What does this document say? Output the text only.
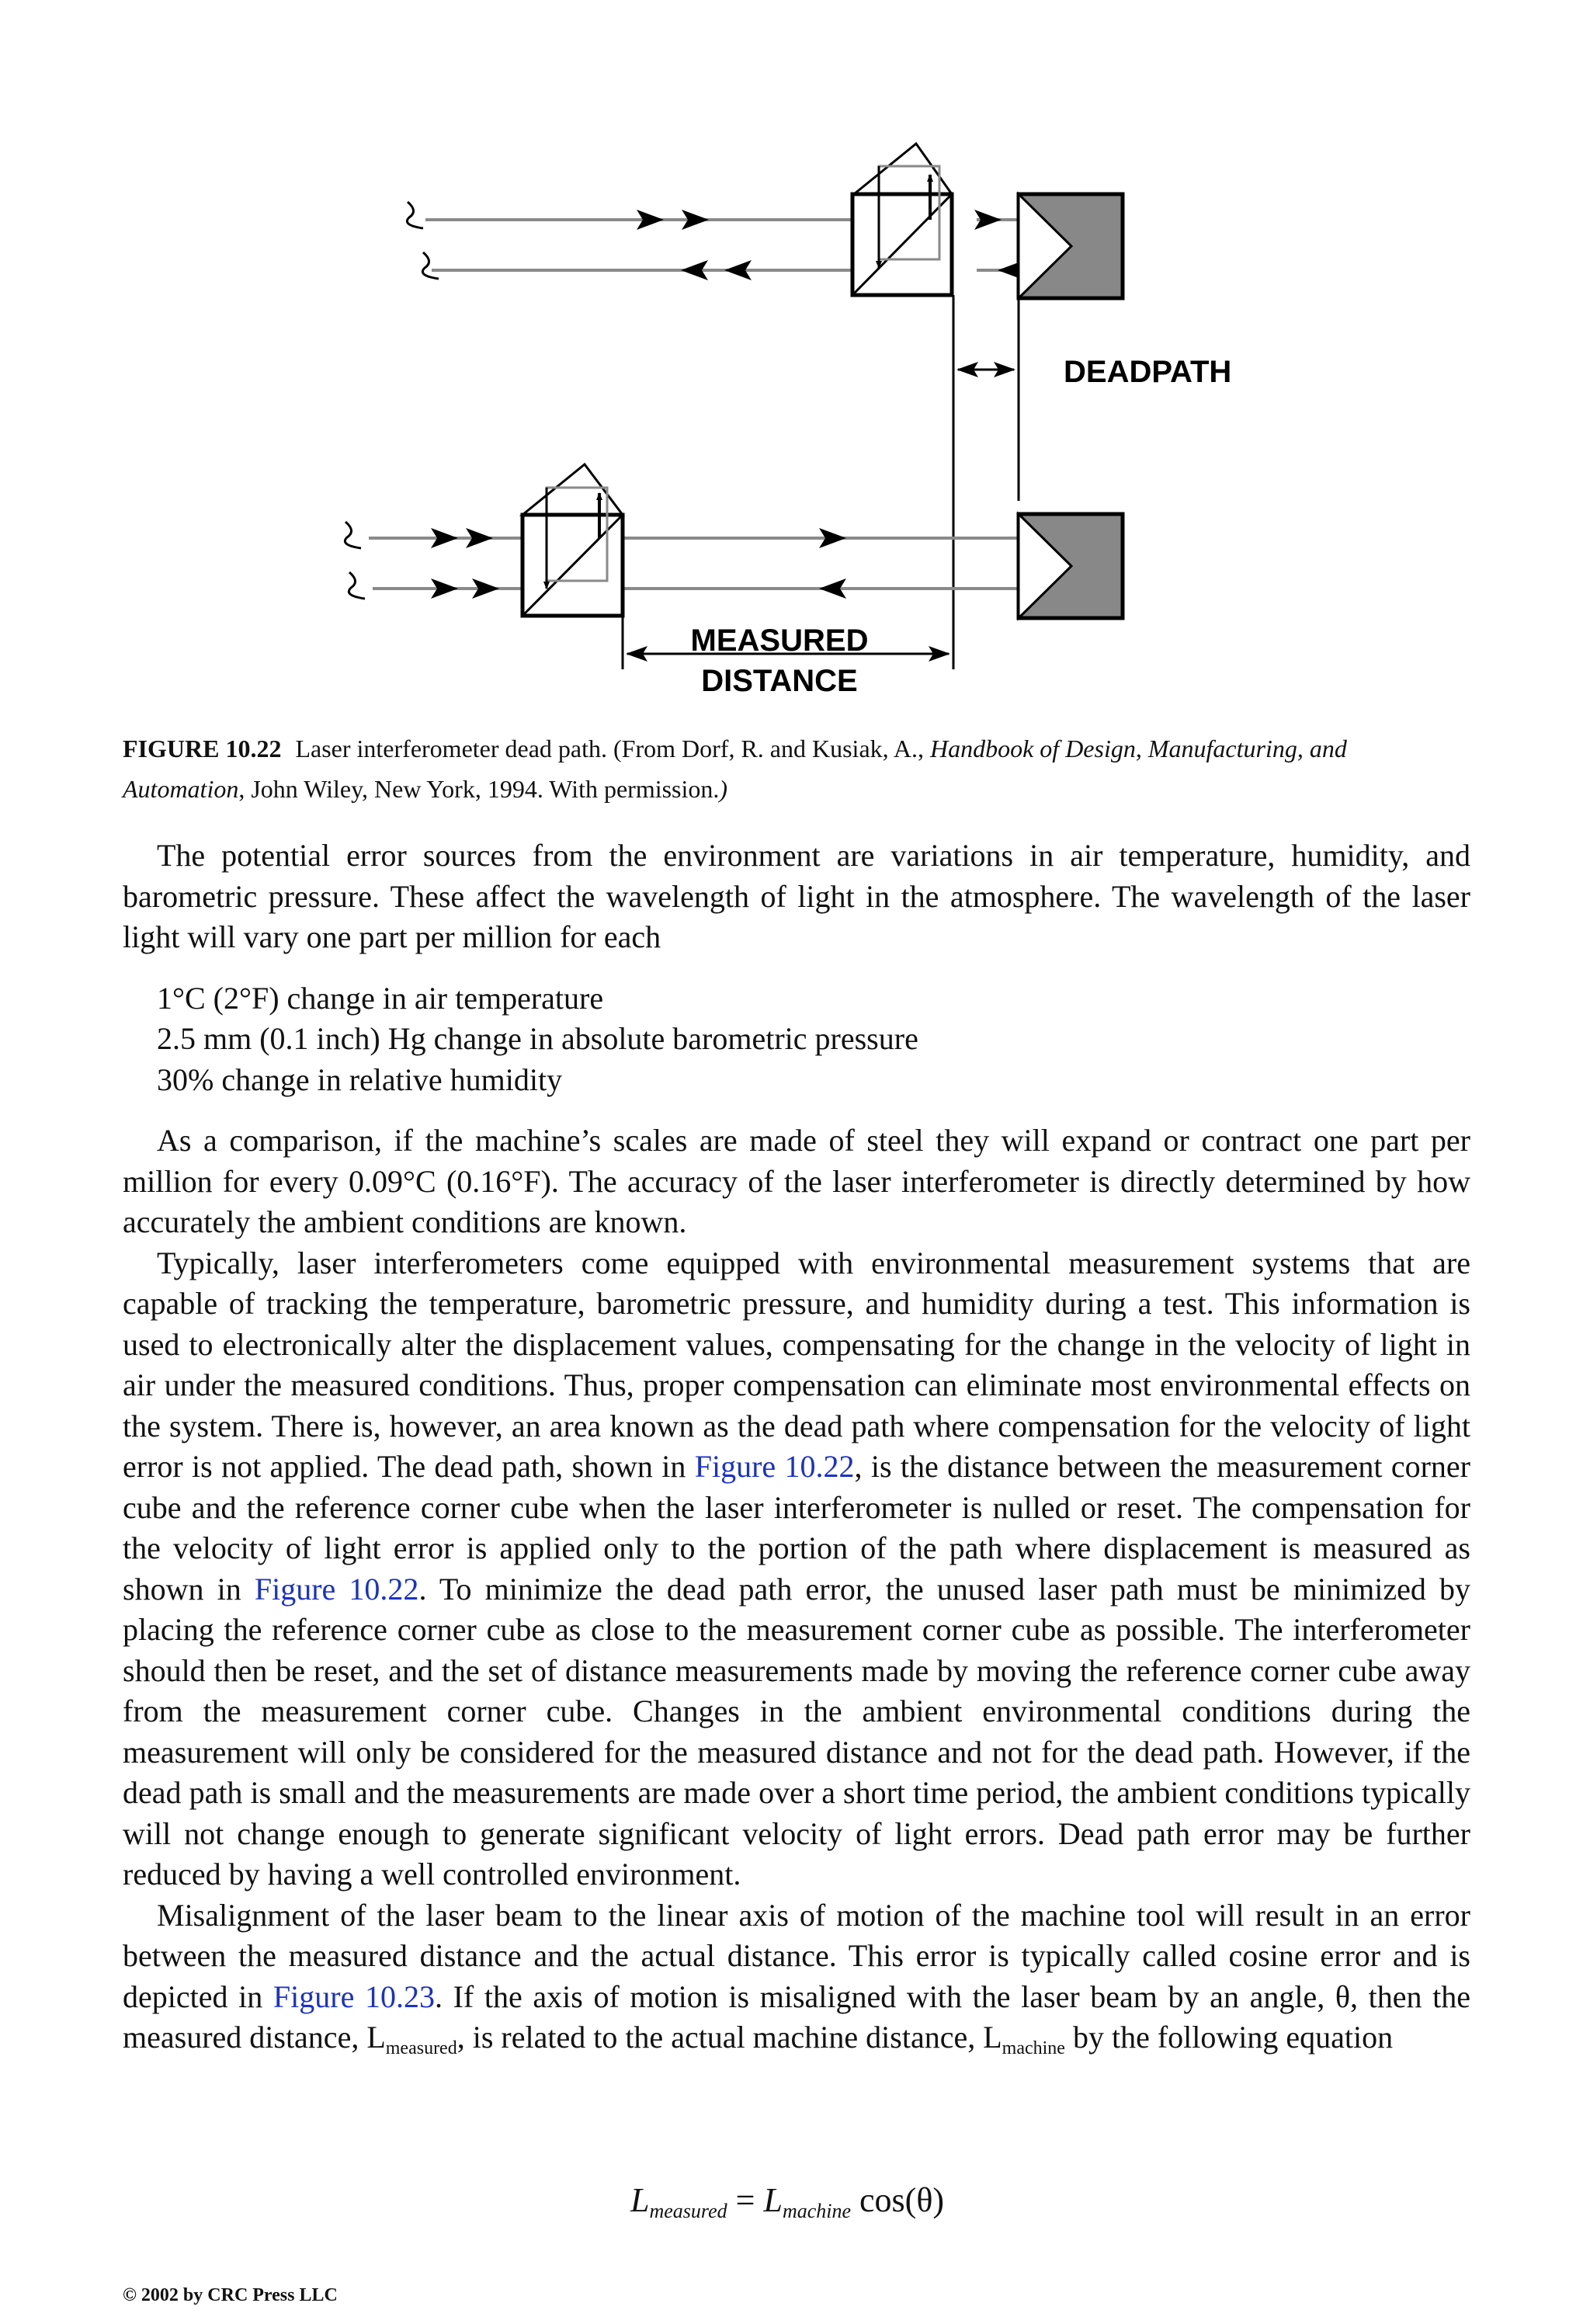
DEADPATH
MEASURED
DISTANCE
FIGURE 10.22 Laser interferometer dead path. (From Dorf, R. and Kusiak, A., Handbook of Design, Manufacturing, and Automation, John Wiley, New York, 1994. With permission.)

The potential error sources from the environment are variations in air temperature, humidity, and barometric pressure. These affect the wavelength of light in the atmosphere. The wavelength of the laser light will vary one part per million for each

1°C (2°F) change in air temperature
2.5 mm (0.1 inch) Hg change in absolute barometric pressure
30% change in relative humidity

As a comparison, if the machine’s scales are made of steel they will expand or contract one part per million for every 0.09°C (0.16°F). The accuracy of the laser interferometer is directly determined by how accurately the ambient conditions are known.

Typically, laser interferometers come equipped with environmental measurement systems that are capable of tracking the temperature, barometric pressure, and humidity during a test. This information is used to electronically alter the displacement values, compensating for the change in the velocity of light in air under the measured conditions. Thus, proper compensation can eliminate most environmental effects on the system. There is, however, an area known as the dead path where compensation for the velocity of light error is not applied. The dead path, shown in Figure 10.22, is the distance between the measurement corner cube and the reference corner cube when the laser interferometer is nulled or reset. The compensation for the velocity of light error is applied only to the portion of the path where displacement is measured as shown in Figure 10.22. To minimize the dead path error, the unused laser path must be minimized by placing the reference corner cube as close to the measurement corner cube as possible. The interferometer should then be reset, and the set of distance measurements made by moving the reference corner cube away from the measurement corner cube. Changes in the ambient environmental conditions during the measurement will only be considered for the measured distance and not for the dead path. However, if the dead path is small and the measurements are made over a short time period, the ambient conditions typically will not change enough to generate significant velocity of light errors. Dead path error may be further reduced by having a well controlled environment.

Misalignment of the laser beam to the linear axis of motion of the machine tool will result in an error between the measured distance and the actual distance. This error is typically called cosine error and is depicted in Figure 10.23. If the axis of motion is misaligned with the laser beam by an angle, θ, then the measured distance, $L_{measured}$, is related to the actual machine distance, $L_{machine}$ by the following equation

$L_{measured} = L_{machine}$ cos(θ)
© 2002 by CRC Press LLC
